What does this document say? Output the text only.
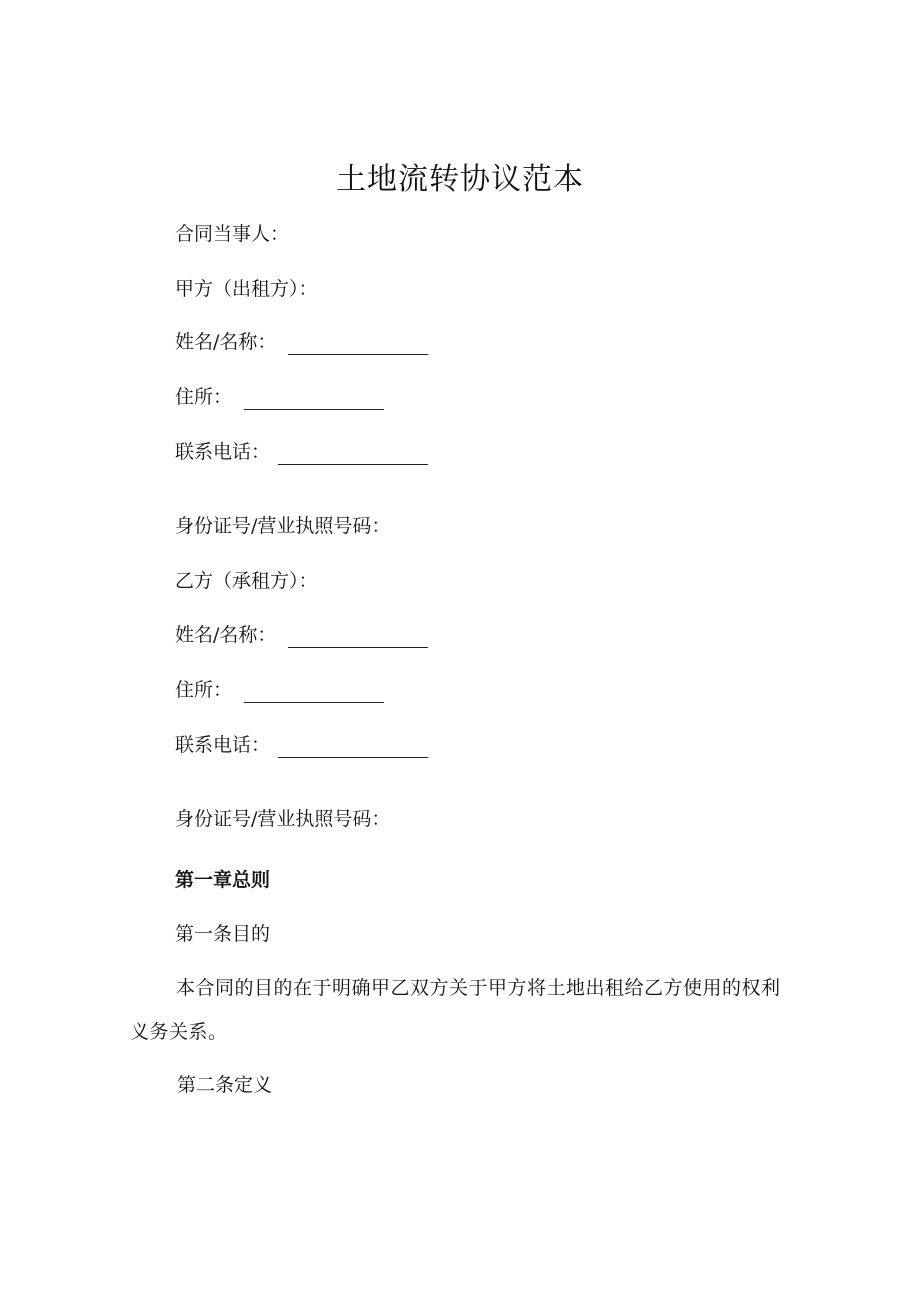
土地流转协议范本
合同当事人：
甲方（出租方）：
姓名/名称：
住所：
联系电话：
身份证号/营业执照号码：
乙方（承租方）：
姓名/名称：
住所：
联系电话：
身份证号/营业执照号码：
第一章总则
第一条目的
本合同的目的在于明确甲乙双方关于甲方将土地出租给乙方使用的权利义务关系。
第二条定义
